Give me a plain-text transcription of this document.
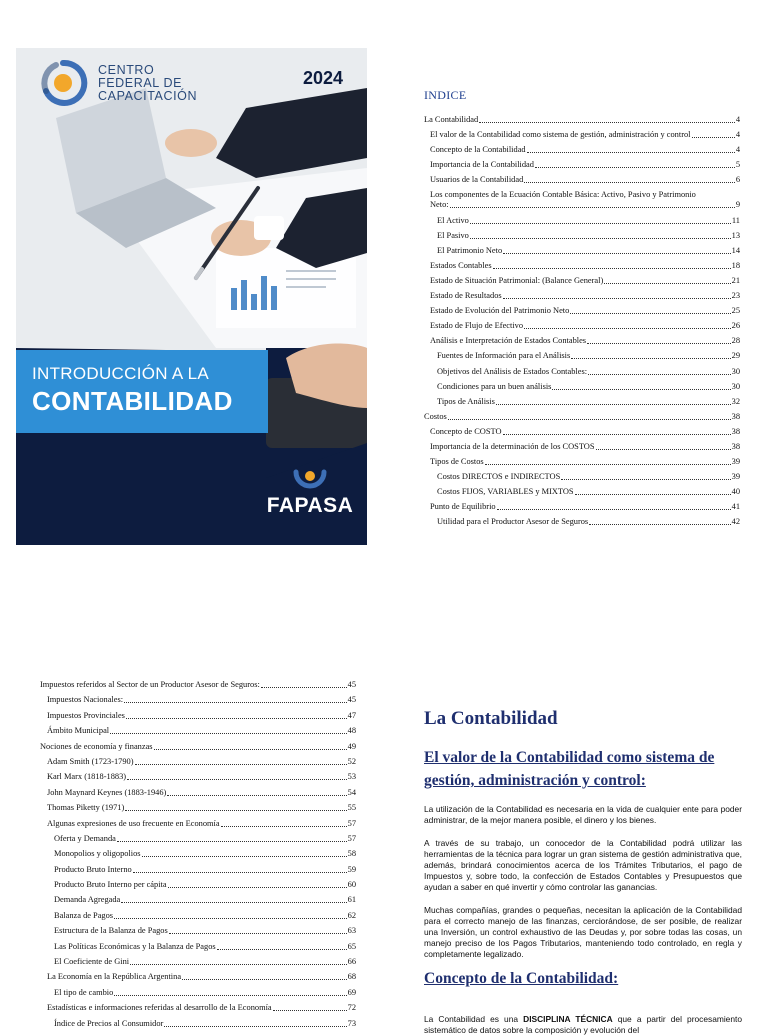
CENTRO
FEDERAL DE
CAPACITACIÓN
2024
INTRODUCCIÓN A LA
CONTABILIDAD
FAPASA
INDICE
La Contabilidad	4
El valor de la Contabilidad como sistema de gestión, administración y control	4
Concepto de la Contabilidad	4
Importancia de la Contabilidad	5
Usuarios de la Contabilidad	6
Los componentes de la Ecuación Contable Básica: Activo, Pasivo y Patrimonio
Neto:	9
El Activo	11
El Pasivo	13
El Patrimonio Neto	14
Estados Contables	18
Estado de Situación Patrimonial: (Balance General)	21
Estado de Resultados	23
Estado de Evolución del Patrimonio Neto	25
Estado de Flujo de Efectivo	26
Análisis e Interpretación de Estados Contables	28
Fuentes de Información para el Análisis	29
Objetivos del Análisis de Estados Contables:	30
Condiciones para un buen análisis	30
Tipos de Análisis	32
Costos	38
Concepto de COSTO	38
Importancia de la determinación de los COSTOS	38
Tipos de Costos	39
Costos DIRECTOS e INDIRECTOS	39
Costos FIJOS, VARIABLES y MIXTOS	40
Punto de Equilibrio	41
Utilidad para el Productor Asesor de Seguros	42
Impuestos referidos al Sector de un Productor Asesor de Seguros:	45
Impuestos Nacionales:	45
Impuestos Provinciales	47
Ámbito Municipal	48
Nociones de economía y finanzas	49
Adam Smith (1723-1790)	52
Karl Marx (1818-1883)	53
John Maynard Keynes (1883-1946)	54
Thomas Piketty (1971)	55
Algunas expresiones de uso frecuente en Economía	57
Oferta y Demanda	57
Monopolios y oligopolios	58
Producto Bruto Interno	59
Producto Bruto Interno per cápita	60
Demanda Agregada	61
Balanza de Pagos	62
Estructura de la Balanza de Pagos	63
Las Políticas Económicas y la Balanza de Pagos	65
El Coeficiente de Gini	66
La Economía en la República Argentina	68
El tipo de cambio	69
Estadísticas e informaciones referidas al desarrollo de la Economía	72
Índice de Precios al Consumidor	73
La Contabilidad
El valor de la Contabilidad como sistema de gestión, administración y control:

La utilización de la Contabilidad es necesaria en la vida de cualquier ente para poder administrar, de la mejor manera posible, el dinero y los bienes.

A través de su trabajo, un conocedor de la Contabilidad podrá utilizar las herramientas de la técnica para lograr un gran sistema de gestión administrativa que, además, brindará conocimientos acerca de los Trámites Tributarios, el pago de Impuestos y, sobre todo, la confección de Estados Contables y Presupuestos que ayudan a saber en qué invertir y cómo controlar las ganancias.

Muchas compañías, grandes o pequeñas, necesitan la aplicación de la Contabilidad para el correcto manejo de las finanzas, cerciorándose, de ser posible, de realizar una Inversión, un control exhaustivo de las Deudas y, por sobre todas las cosas, un manejo preciso de los Pagos Tributarios, manteniendo todo controlado, en regla y completamente legalizado.

Concepto de la Contabilidad:

La Contabilidad es una DISCIPLINA TÉCNICA que a partir del procesamiento sistemático de datos sobre la composición y evolución del
